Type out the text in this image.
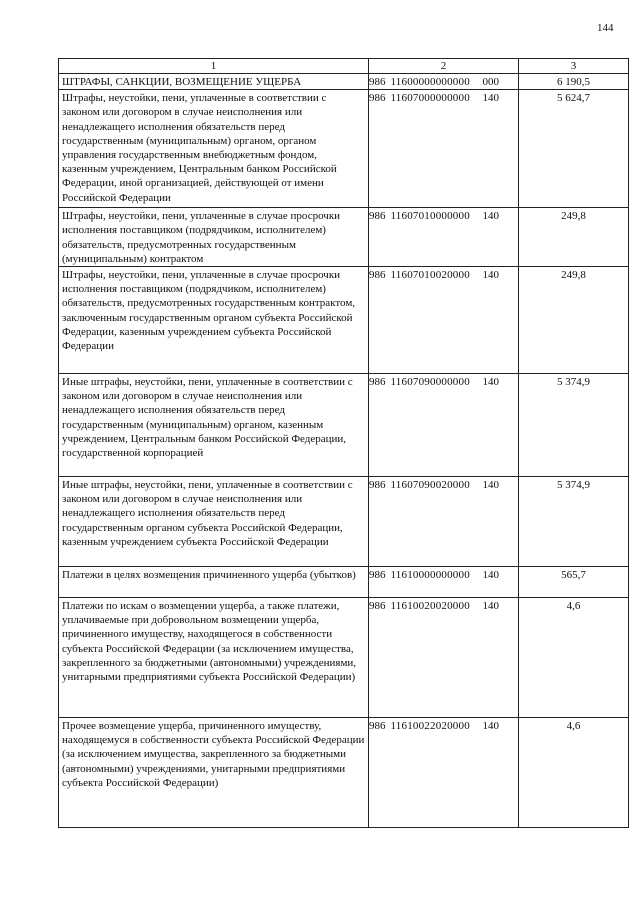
144
1	2			3
ШТРАФЫ, САНКЦИИ, ВОЗМЕЩЕНИЕ УЩЕРБА	986	11600000000000	000	6 190,5
Штрафы, неустойки, пени, уплаченные в соответствии с законом или договором в случае неисполнения или ненадлежащего исполнения обязательств перед государственным (муниципальным) органом, органом управления государственным внебюджетным фондом, казенным учреждением, Центральным банком Российской Федерации, иной организацией, действующей от имени Российской Федерации	986	11607000000000	140	5 624,7
Штрафы, неустойки, пени, уплаченные в случае просрочки исполнения поставщиком (подрядчиком, исполнителем) обязательств, предусмотренных государственным (муниципальным) контрактом	986	11607010000000	140	249,8
Штрафы, неустойки, пени, уплаченные в случае просрочки исполнения поставщиком (подрядчиком, исполнителем) обязательств, предусмотренных государственным контрактом, заключенным государственным органом субъекта Российской Федерации, казенным учреждением субъекта Российской Федерации	986	11607010020000	140	249,8
Иные штрафы, неустойки, пени, уплаченные в соответствии с законом или договором в случае неисполнения или ненадлежащего исполнения обязательств перед государственным (муниципальным) органом, казенным учреждением, Центральным банком Российской Федерации, государственной корпорацией	986	11607090000000	140	5 374,9
Иные штрафы, неустойки, пени, уплаченные в соответствии с законом или договором в случае неисполнения или ненадлежащего исполнения обязательств перед государственным органом субъекта Российской Федерации, казенным учреждением субъекта Российской Федерации	986	11607090020000	140	5 374,9
Платежи в целях возмещения причиненного ущерба (убытков)	986	11610000000000	140	565,7
Платежи по искам о возмещении ущерба, а также платежи, уплачиваемые при добровольном возмещении ущерба, причиненного имуществу, находящегося в собственности субъекта Российской Федерации (за исключением имущества, закрепленного за бюджетными (автономными) учреждениями, унитарными предприятиями субъекта Российской Федерации)	986	11610020020000	140	4,6
Прочее возмещение ущерба, причиненного имуществу, находящемуся в собственности субъекта Российской Федерации (за исключением имущества, закрепленного за бюджетными (автономными) учреждениями, унитарными предприятиями субъекта Российской Федерации)	986	11610022020000	140	4,6
